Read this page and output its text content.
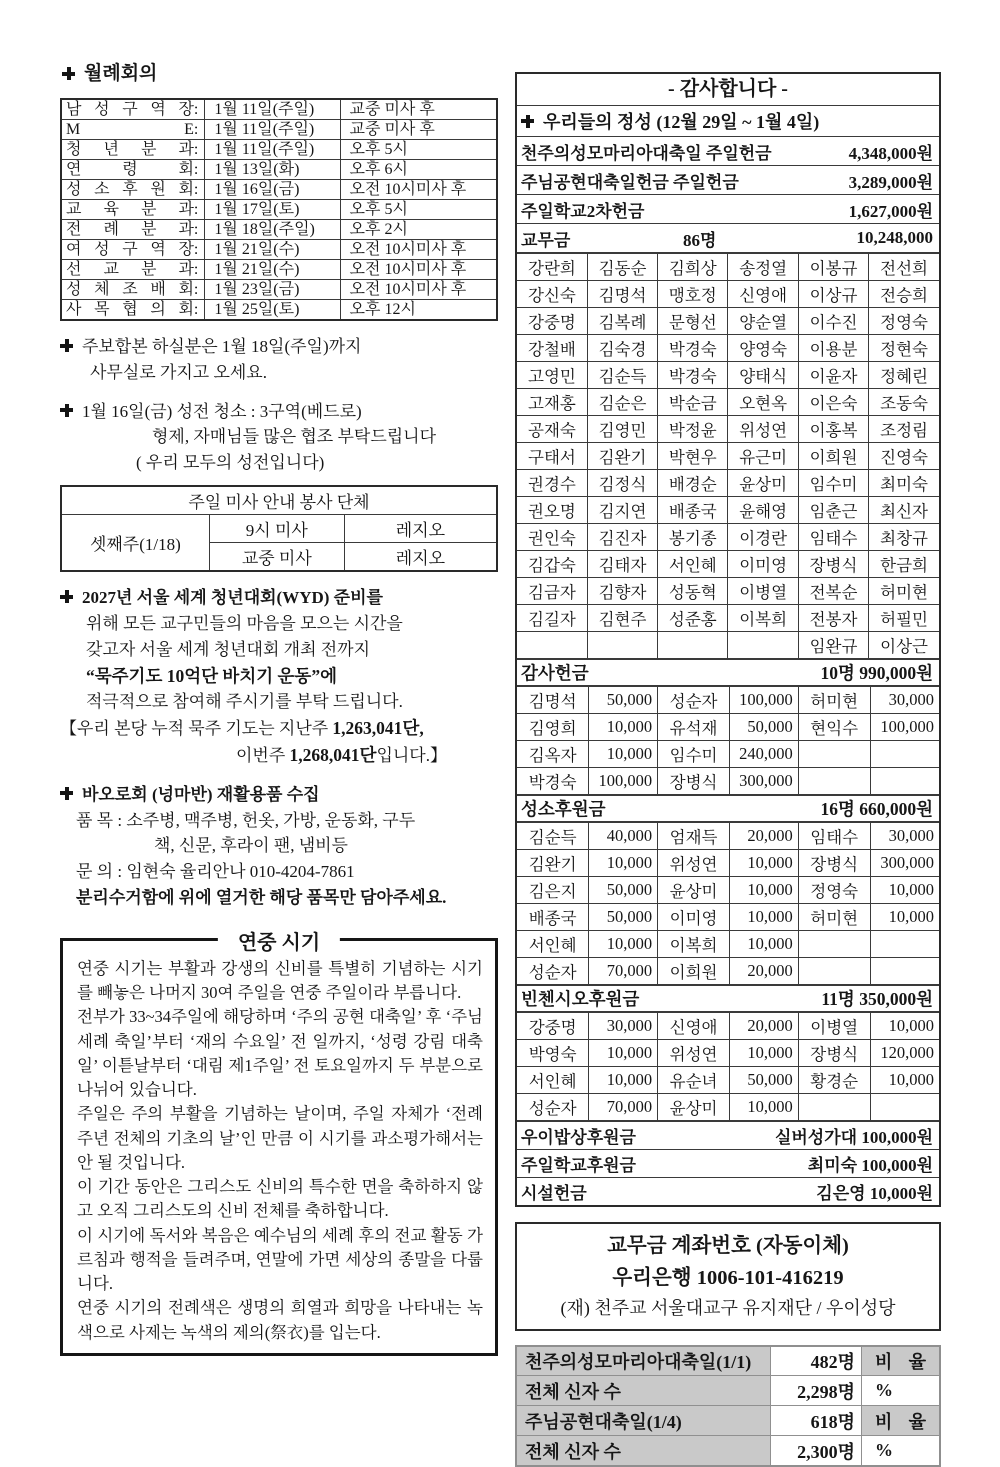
월례회의
남 성 구 역 장:	1월 11일(주일)	교중 미사 후
M E:	1월 11일(주일)	교중 미사 후
청 년 분 과:	1월 11일(주일)	오후 5시
연 령 회:	1월 13일(화)	오후 6시
성 소 후 원 회:	1월 16일(금)	오전 10시미사 후
교 육 분 과:	1월 17일(토)	오후 5시
전 례 분 과:	1월 18일(주일)	오후 2시
여 성 구 역 장:	1월 21일(수)	오전 10시미사 후
선 교 분 과:	1월 21일(수)	오전 10시미사 후
성 체 조 배 회:	1월 23일(금)	오전 10시미사 후
사 목 협 의 회:	1월 25일(토)	오후 12시
주보합본 하실분은 1월 18일(주일)까지
사무실로 가지고 오세요.
1월 16일(금) 성전 청소 : 3구역(베드로)
형제, 자매님들 많은 협조 부탁드립니다
( 우리 모두의 성전입니다)
주일 미사 안내 봉사 단체		
셋째주(1/18)	9시 미사	레지오
	교중 미사	레지오
2027년 서울 세계 청년대회(WYD) 준비를
위해 모든 교구민들의 마음을 모으는 시간을
갖고자 서울 세계 청년대회 개최 전까지
“묵주기도 10억단 바치기 운동”에
적극적으로 참여해 주시기를 부탁 드립니다.
【우리 본당 누적 묵주 기도는 지난주 1,263,041단,
이번주 1,268,041단입니다.】
바오로회 (넝마반) 재활용품 수집
품 목 : 소주병, 맥주병, 헌옷, 가방, 운동화, 구두
책, 신문, 후라이 팬, 냄비등
문 의 : 임현숙 율리안나 010-4204-7861
분리수거함에 위에 열거한 해당 품목만 담아주세요.
연중 시기

연중 시기는 부활과 강생의 신비를 특별히 기념하는 시기를 빼놓은 나머지 30여 주일을 연중 주일이라 부릅니다.

전부가 33~34주일에 해당하며 ‘주의 공현 대축일’ 후 ‘주님 세례 축일’부터 ‘재의 수요일’ 전 일까지, ‘성령 강림 대축일’ 이튿날부터 ‘대림 제1주일’ 전 토요일까지 두 부분으로 나뉘어 있습니다.

주일은 주의 부활을 기념하는 날이며, 주일 자체가 ‘전례 주년 전체의 기초의 날’인 만큼 이 시기를 과소평가해서는 안 될 것입니다.

이 기간 동안은 그리스도 신비의 특수한 면을 축하하지 않고 오직 그리스도의 신비 전체를 축하합니다.

이 시기에 독서와 복음은 예수님의 세례 후의 전교 활동 가르침과 행적을 들려주며, 연말에 가면 세상의 종말을 다룹니다.

연중 시기의 전례색은 생명의 희열과 희망을 나타내는 녹색으로 사제는 녹색의 제의(祭衣)를 입는다.

- 감사합니다 -
우리들의 정성 (12월 29일 ~ 1월 4일)
천주의성모마리아대축일 주일헌금	4,348,000원
주님공현대축일헌금 주일헌금	3,289,000원
주일학교2차헌금	1,627,000원
교무금	86명	10,248,000
강란희	김동순	김희상	송정열	이봉규	전선희
강신숙	김명석	맹호정	신영애	이상규	전승희
강중명	김복례	문형선	양순열	이수진	정영숙
강철배	김숙경	박경숙	양영숙	이용분	정현숙
고영민	김순득	박경숙	양태식	이윤자	정혜린
고재홍	김순은	박순금	오현옥	이은숙	조동숙
공재숙	김영민	박정윤	위성연	이홍복	조정림
구태서	김완기	박현우	유근미	이희원	진영숙
권경수	김정식	배경순	윤상미	임수미	최미숙
권오명	김지연	배종국	윤해영	임춘근	최신자
권인숙	김진자	봉기종	이경란	임태수	최창규
김갑숙	김태자	서인혜	이미영	장병식	한금희
김금자	김향자	성동혁	이병열	전복순	허미현
김길자	김현주	성준홍	이복희	전봉자	허필민
				임완규	이상근
감사헌금	10명 990,000원
김명석	50,000	성순자	100,000	허미현	30,000
김영희	10,000	유석재	50,000	현익수	100,000
김옥자	10,000	임수미	240,000		
박경숙	100,000	장병식	300,000		
성소후원금	16명 660,000원
김순득	40,000	엄재득	20,000	임태수	30,000
김완기	10,000	위성연	10,000	장병식	300,000
김은지	50,000	윤상미	10,000	정영숙	10,000
배종국	50,000	이미영	10,000	허미현	10,000
서인혜	10,000	이복희	10,000		
성순자	70,000	이희원	20,000		
빈첸시오후원금	11명 350,000원
강중명	30,000	신영애	20,000	이병열	10,000
박영숙	10,000	위성연	10,000	장병식	120,000
서인혜	10,000	유순녀	50,000	황경순	10,000
성순자	70,000	윤상미	10,000		
우이밥상후원금	실버성가대 100,000원
주일학교후원금	최미숙 100,000원
시설헌금	김은영 10,000원
교무금 계좌번호 (자동이체)
우리은행 1006-101-416219
(재) 천주교 서울대교구 유지재단 / 우이성당
천주의성모마리아대축일(1/1)	482명	비 율
전체 신자 수	2,298명	%
주님공현대축일(1/4)	618명	비 율
전체 신자 수	2,300명	%
